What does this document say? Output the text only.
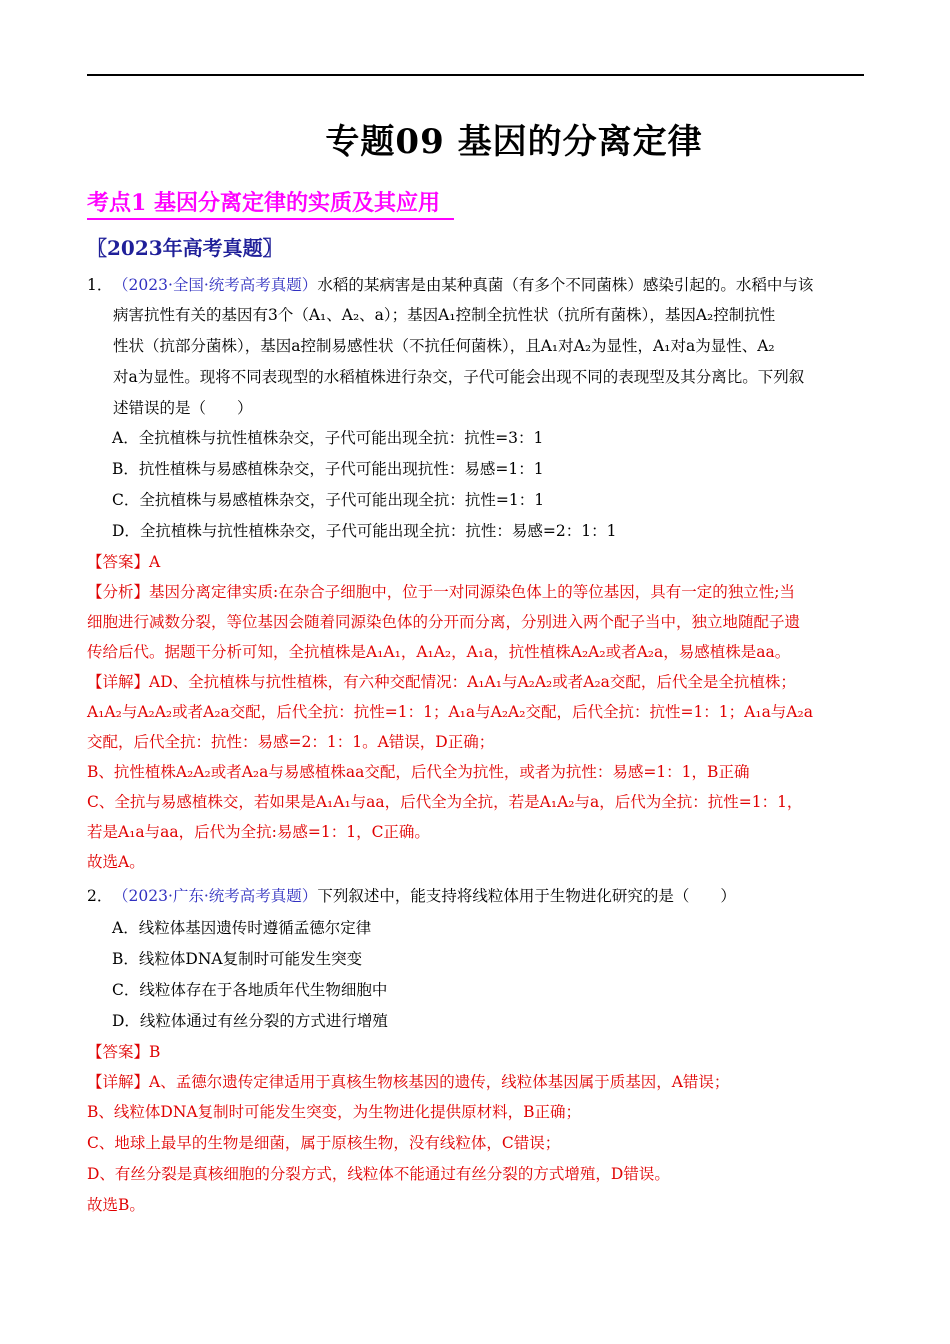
专题09 基因的分离定律
考点1 基因分离定律的实质及其应用
〖2023年高考真题〗
1．（2023·全国·统考高考真题）水稻的某病害是由某种真菌（有多个不同菌株）感染引起的。水稻中与该
病害抗性有关的基因有3个（A₁、A₂、a）；基因A₁控制全抗性状（抗所有菌株），基因A₂控制抗性
性状（抗部分菌株），基因a控制易感性状（不抗任何菌株），且A₁对A₂为显性，A₁对a为显性、A₂
对a为显性。现将不同表现型的水稻植株进行杂交，子代可能会出现不同的表现型及其分离比。下列叙
述错误的是（　　）
A．全抗植株与抗性植株杂交，子代可能出现全抗：抗性=3：1
B．抗性植株与易感植株杂交，子代可能出现抗性：易感=1：1
C．全抗植株与易感植株杂交，子代可能出现全抗：抗性=1：1
D．全抗植株与抗性植株杂交，子代可能出现全抗：抗性：易感=2：1：1
【答案】A
【分析】基因分离定律实质:在杂合子细胞中，位于一对同源染色体上的等位基因，具有一定的独立性;当
细胞进行减数分裂，等位基因会随着同源染色体的分开而分离，分别进入两个配子当中，独立地随配子遗
传给后代。据题干分析可知，全抗植株是A₁A₁，A₁A₂，A₁a，抗性植株A₂A₂或者A₂a，易感植株是aa。
【详解】AD、全抗植株与抗性植株，有六种交配情况：A₁A₁与A₂A₂或者A₂a交配，后代全是全抗植株；
A₁A₂与A₂A₂或者A₂a交配，后代全抗：抗性=1：1；A₁a与A₂A₂交配，后代全抗：抗性=1：1；A₁a与A₂a
交配，后代全抗：抗性：易感=2：1：1。A错误，D正确；
B、抗性植株A₂A₂或者A₂a与易感植株aa交配，后代全为抗性，或者为抗性：易感=1：1，B正确
C、全抗与易感植株交，若如果是A₁A₁与aa，后代全为全抗，若是A₁A₂与a，后代为全抗：抗性=1：1，
若是A₁a与aa，后代为全抗:易感=1：1，C正确。
故选A。
2．（2023·广东·统考高考真题）下列叙述中，能支持将线粒体用于生物进化研究的是（　　）
A．线粒体基因遗传时遵循孟德尔定律
B．线粒体DNA复制时可能发生突变
C．线粒体存在于各地质年代生物细胞中
D．线粒体通过有丝分裂的方式进行增殖
【答案】B
【详解】A、孟德尔遗传定律适用于真核生物核基因的遗传，线粒体基因属于质基因，A错误；
B、线粒体DNA复制时可能发生突变，为生物进化提供原材料，B正确；
C、地球上最早的生物是细菌，属于原核生物，没有线粒体，C错误；
D、有丝分裂是真核细胞的分裂方式，线粒体不能通过有丝分裂的方式增殖，D错误。
故选B。
